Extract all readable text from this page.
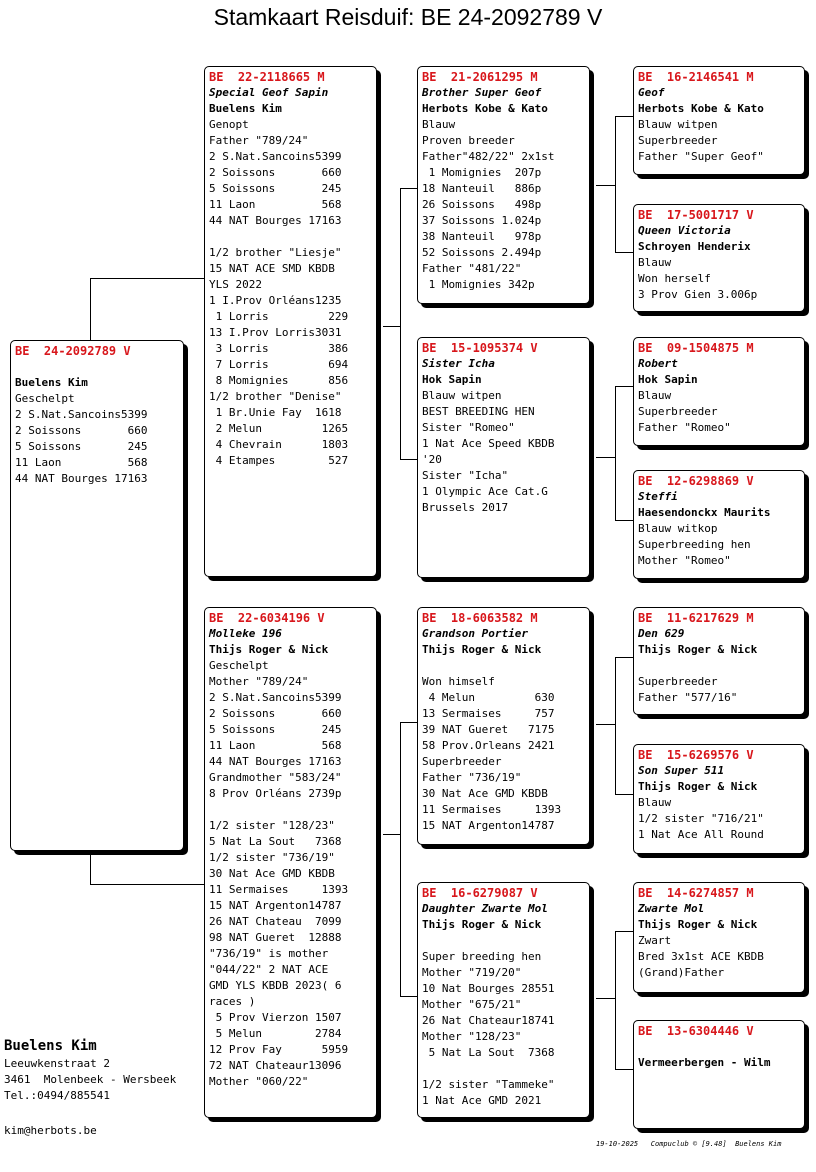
Stamkaart Reisduif: BE 24-2092789 V
BE  24-2092789 V
Buelens Kim
Geschelpt
2 S.Nat.Sancoins5399
2 Soissons       660
5 Soissons       245
11 Laon          568
44 NAT Bourges 17163
BE  22-2118665 M
Special Geof Sapin
Buelens Kim
Genopt
Father "789/24"
2 S.Nat.Sancoins5399
2 Soissons       660
5 Soissons       245
11 Laon          568
44 NAT Bourges 17163
1/2 brother "Liesje"
15 NAT ACE SMD KBDB
YLS 2022
1 I.Prov Orléans1235
1 Lorris         229
13 I.Prov Lorris3031
3 Lorris         386
7 Lorris         694
8 Momignies      856
1/2 brother "Denise"
1 Br.Unie Fay  1618
2 Melun         1265
4 Chevrain      1803
4 Etampes        527
BE  22-6034196 V
Molleke 196
Thijs Roger & Nick
Geschelpt
Mother "789/24"
2 S.Nat.Sancoins5399
2 Soissons       660
5 Soissons       245
11 Laon          568
44 NAT Bourges 17163
Grandmother "583/24"
8 Prov Orléans 2739p
1/2 sister "128/23"
5 Nat La Sout   7368
1/2 sister "736/19"
30 Nat Ace GMD KBDB
11 Sermaises     1393
15 NAT Argenton14787
26 NAT Chateau  7099
98 NAT Gueret  12888
"736/19" is mother
"044/22" 2 NAT ACE
GMD YLS KBDB 2023( 6
races )
5 Prov Vierzon 1507
5 Melun        2784
12 Prov Fay      5959
72 NAT Chateaur13096
Mother "060/22"
BE  21-2061295 M
Brother Super Geof
Herbots Kobe & Kato
Blauw
Proven breeder
Father"482/22" 2x1st
1 Momignies  207p
18 Nanteuil   886p
26 Soissons   498p
37 Soissons 1.024p
38 Nanteuil   978p
52 Soissons 2.494p
Father "481/22"
1 Momignies 342p
BE  15-1095374 V
Sister Icha
Hok Sapin
Blauw witpen
BEST BREEDING HEN
Sister "Romeo"
1 Nat Ace Speed KBDB
'20
Sister "Icha"
1 Olympic Ace Cat.G
Brussels 2017
BE  18-6063582 M
Grandson Portier
Thijs Roger & Nick
Won himself
4 Melun         630
13 Sermaises     757
39 NAT Gueret   7175
58 Prov.Orleans 2421
Superbreeder
Father "736/19"
30 Nat Ace GMD KBDB
11 Sermaises     1393
15 NAT Argenton14787
BE  16-6279087 V
Daughter Zwarte Mol
Thijs Roger & Nick
Super breeding hen
Mother "719/20"
10 Nat Bourges 28551
Mother "675/21"
26 Nat Chateaur18741
Mother "128/23"
5 Nat La Sout  7368
1/2 sister "Tammeke"
1 Nat Ace GMD 2021
BE  16-2146541 M
Geof
Herbots Kobe & Kato
Blauw witpen
Superbreeder
Father "Super Geof"
BE  17-5001717 V
Queen Victoria
Schroyen Henderix
Blauw
Won herself
3 Prov Gien 3.006p
BE  09-1504875 M
Robert
Hok Sapin
Blauw
Superbreeder
Father "Romeo"
BE  12-6298869 V
Steffi
Haesendonckx Maurits
Blauw witkop
Superbreeding hen
Mother "Romeo"
BE  11-6217629 M
Den 629
Thijs Roger & Nick
Superbreeder
Father "577/16"
BE  15-6269576 V
Son Super 511
Thijs Roger & Nick
Blauw
1/2 sister "716/21"
1 Nat Ace All Round
BE  14-6274857 M
Zwarte Mol
Thijs Roger & Nick
Zwart
Bred 3x1st ACE KBDB
(Grand)Father
BE  13-6304446 V
Vermeerbergen - Wilm
Buelens Kim
Leeuwkenstraat 2
3461  Molenbeek - Wersbeek
Tel.:0494/885541
kim@herbots.be
19-10-2025   Compuclub © [9.48]  Buelens Kim
